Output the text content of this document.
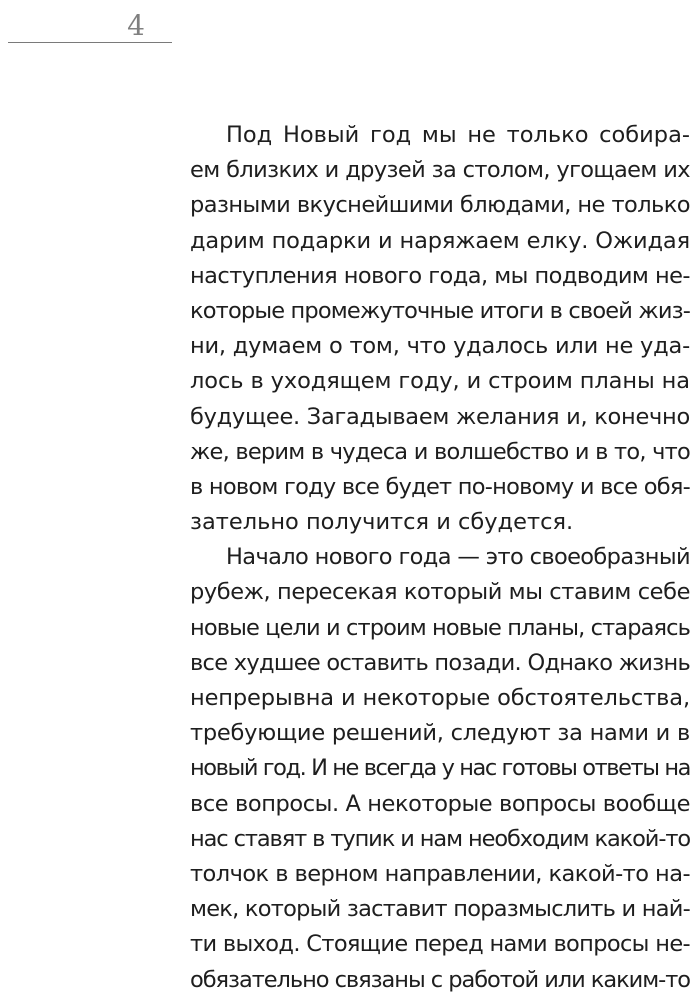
4

Под Новый год мы не только собира-
ем близких и друзей за столом, угощаем их
разными вкуснейшими блюдами, не только
дарим подарки и наряжаем елку. Ожидая
наступления нового года, мы подводим не-
которые промежуточные итоги в своей жиз-
ни, думаем о том, что удалось или не уда-
лось в уходящем году, и строим планы на
будущее. Загадываем желания и, конечно
же, верим в чудеса и волшебство и в то, что
в новом году все будет по-новому и все обя-
зательно получится и сбудется.

Начало нового года — это своеобразный
рубеж, пересекая который мы ставим себе
новые цели и строим новые планы, стараясь
все худшее оставить позади. Однако жизнь
непрерывна и некоторые обстоятельства,
требующие решений, следуют за нами и в
новый год. И не всегда у нас готовы ответы на
все вопросы. А некоторые вопросы вообще
нас ставят в тупик и нам необходим какой-то
толчок в верном направлении, какой-то на-
мек, который заставит поразмыслить и най-
ти выход. Стоящие перед нами вопросы не-
обязательно связаны с работой или каким-то
